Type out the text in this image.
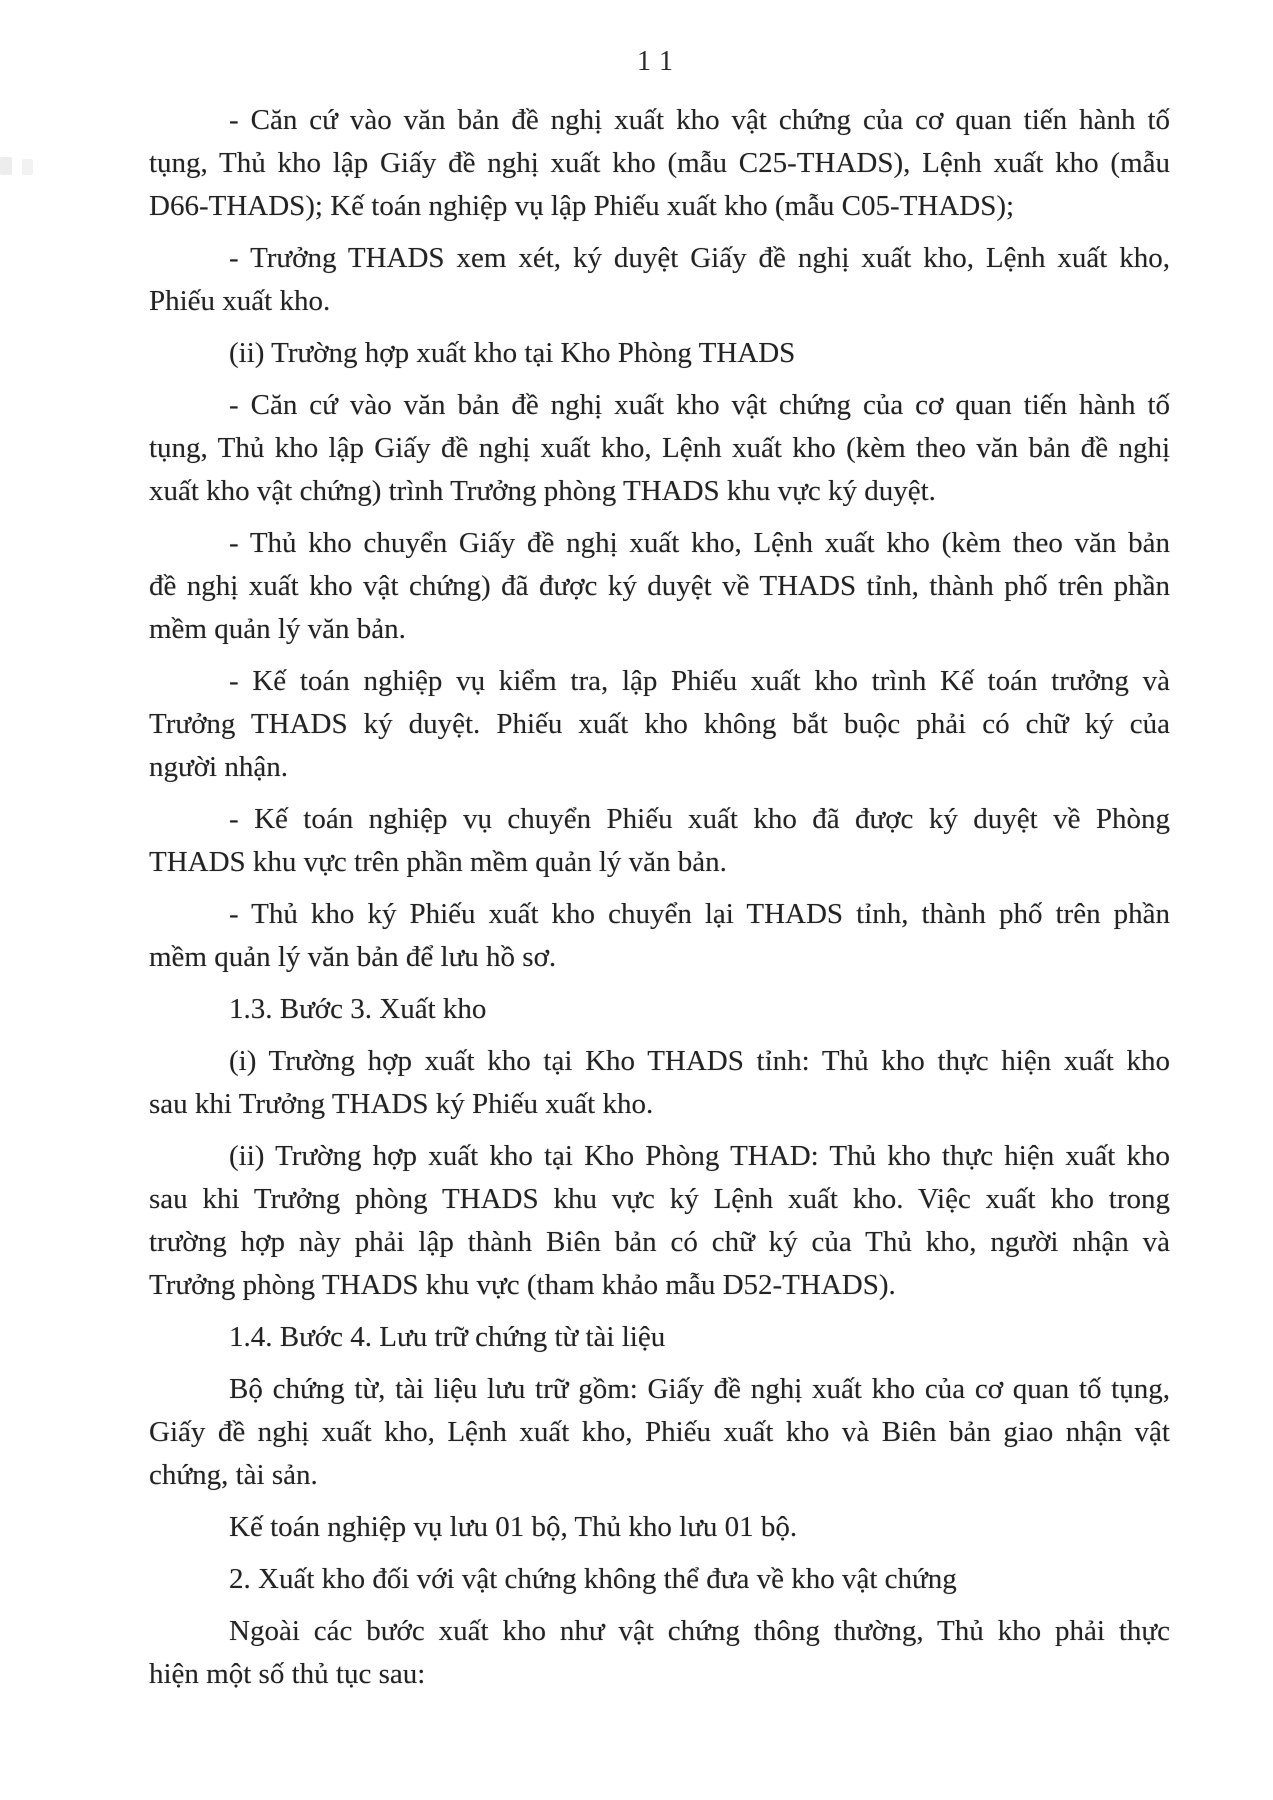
11
- Căn cứ vào văn bản đề nghị xuất kho vật chứng của cơ quan tiến hành tố
tụng, Thủ kho lập Giấy đề nghị xuất kho (mẫu C25-THADS), Lệnh xuất kho (mẫu
D66-THADS); Kế toán nghiệp vụ lập Phiếu xuất kho (mẫu C05-THADS);
- Trưởng THADS xem xét, ký duyệt Giấy đề nghị xuất kho, Lệnh xuất kho,
Phiếu xuất kho.
(ii) Trường hợp xuất kho tại Kho Phòng THADS
- Căn cứ vào văn bản đề nghị xuất kho vật chứng của cơ quan tiến hành tố
tụng, Thủ kho lập Giấy đề nghị xuất kho, Lệnh xuất kho (kèm theo văn bản đề nghị
xuất kho vật chứng) trình Trưởng phòng THADS khu vực ký duyệt.
- Thủ kho chuyển Giấy đề nghị xuất kho, Lệnh xuất kho (kèm theo văn bản
đề nghị xuất kho vật chứng) đã được ký duyệt về THADS tỉnh, thành phố trên phần
mềm quản lý văn bản.
- Kế toán nghiệp vụ kiểm tra, lập Phiếu xuất kho trình Kế toán trưởng và
Trưởng THADS ký duyệt. Phiếu xuất kho không bắt buộc phải có chữ ký của
người nhận.
- Kế toán nghiệp vụ chuyển Phiếu xuất kho đã được ký duyệt về Phòng
THADS khu vực trên phần mềm quản lý văn bản.
- Thủ kho ký Phiếu xuất kho chuyển lại THADS tỉnh, thành phố trên phần
mềm quản lý văn bản để lưu hồ sơ.
1.3. Bước 3. Xuất kho
(i) Trường hợp xuất kho tại Kho THADS tỉnh: Thủ kho thực hiện xuất kho
sau khi Trưởng THADS ký Phiếu xuất kho.
(ii) Trường hợp xuất kho tại Kho Phòng THAD: Thủ kho thực hiện xuất kho
sau khi Trưởng phòng THADS khu vực ký Lệnh xuất kho. Việc xuất kho trong
trường hợp này phải lập thành Biên bản có chữ ký của Thủ kho, người nhận và
Trưởng phòng THADS khu vực (tham khảo mẫu D52-THADS).
1.4. Bước 4. Lưu trữ chứng từ tài liệu
Bộ chứng từ, tài liệu lưu trữ gồm: Giấy đề nghị xuất kho của cơ quan tố tụng,
Giấy đề nghị xuất kho, Lệnh xuất kho, Phiếu xuất kho và Biên bản giao nhận vật
chứng, tài sản.
Kế toán nghiệp vụ lưu 01 bộ, Thủ kho lưu 01 bộ.
2. Xuất kho đối với vật chứng không thể đưa về kho vật chứng
Ngoài các bước xuất kho như vật chứng thông thường, Thủ kho phải thực
hiện một số thủ tục sau:
